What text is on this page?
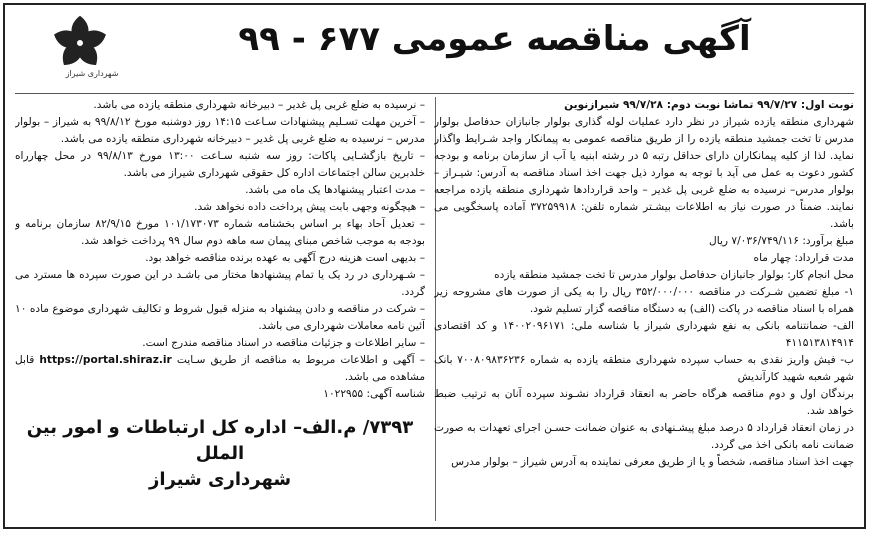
شهرداری شیراز
آگهی مناقصه عمومی ۶۷۷ - ۹۹

نوبت اول: ۹۹/۷/۲۷ تماشا نوبت دوم: ۹۹/۷/۲۸ شیرازنوین

شهرداری منطقه یازده شیراز در نظر دارد عملیات لوله گذاری بولوار جانبازان حدفاصل بولوار مدرس تا تخت جمشید منطقه یازده را از طریق مناقصه عمومی به پیمانکار واجد شـرایط واگذار نماید. لذا از کلیه پیمانکاران دارای حداقل رتبه ۵ در رشته ابنیه یا آب از سازمان برنامه و بودجه کشور دعوت به عمل می آید با توجه به موارد ذیل جهت اخذ اسناد مناقصه به آدرس: شیـراز – بولوار مدرس– نرسیده به ضلع غربی پل غدیر – واحد قراردادها شهرداری منطقه یازده مراجعه نمایند. ضمناً در صورت نیاز به اطلاعات بیشـتر شماره تلفن: ۳۷۲۵۹۹۱۸ آماده پاسخگویی می باشد.

مبلغ برآورد: ۷/۰۳۶/۷۴۹/۱۱۶ ریال

مدت قرارداد: چهار ماه

محل انجام کار: بولوار جانبازان حدفاصل بولوار مدرس تا تخت جمشید منطقه یازده

۱- مبلغ تضمین شـرکت در مناقصه ۳۵۲/۰۰۰/۰۰۰ ریال را به یکی از صورت های مشروحه زیر همراه با اسناد مناقصه در پاکت (الف) به دستگاه مناقصه گزار تسلیم شود.

الف- ضمانتنامه بانکی به نفع شهرداری شیراز با شناسه ملی: ۱۴۰۰۲۰۹۶۱۷۱ و کد اقتصادی ۴۱۱۵۱۳۸۱۴۹۱۴

ب- فیش واریز نقدی به حساب سپرده شهرداری منطقه یازده به شماره ۷۰۰۸۰۹۸۳۶۲۳۶ بانک شهر شعبه شهید کارآندیش

برندگان اول و دوم مناقصه هرگاه حاضر به انعقاد قرارداد نشـوند سپرده آنان به ترتیب ضبط خواهد شد.

در زمان انعقاد قرارداد ۵ درصد مبلغ پیشـنهادی به عنوان ضمانت حسـن اجرای تعهدات به صورت ضمانت نامه بانکی اخذ می گردد.

جهت اخذ اسناد مناقصه، شخصاً و یا از طریق معرفی نماینده به آدرس شیراز – بولوار مدرس

– نرسیده به ضلع غربی پل غدیر – دبیرخانه شهرداری منطقه یازده می باشد.

– آخرین مهلت تسـلیم پیشنهادات سـاعت ۱۴:۱۵ روز دوشنبه مورخ ۹۹/۸/۱۲ به شیراز – بولوار مدرس – نرسیده به ضلع غربی پل غدیر – دبیرخانه شهرداری منطقه یازده می باشد.

– تاریخ بازگشـایی پاکات: روز سه شنبه سـاعت ۱۳:۰۰ مورخ ۹۹/۸/۱۳ در محل چهارراه خلدبرین سالن اجتماعات اداره کل حقوقی شهرداری شیراز می باشد.

– مدت اعتبار پیشنهادها یک ماه می باشد.

– هیچگونه وجهی بابت پیش پرداخت داده نخواهد شد.

– تعدیل آحاد بهاء بر اساس بخشنامه شماره ۱۰۱/۱۷۳۰۷۳ مورخ ۸۲/۹/۱۵ سازمان برنامه و بودجه به موجب شاخص مبنای پیمان سه ماهه دوم سال ۹۹ پرداخت خواهد شد.

– بدیهی است هزینه درج آگهی به عهده برنده مناقصه خواهد بود.

– شـهرداری در رد یک یا تمام پیشنهادها مختار می باشـد در این صورت سپرده ها مسترد می گردد.

– شرکت در مناقصه و دادن پیشنهاد به منزله قبول شروط و تکالیف شهرداری موضوع ماده ۱۰ آئین نامه معاملات شهرداری می باشد.

– سایر اطلاعات و جزئیات مناقصه در اسناد مناقصه مندرج است.

– آگهی و اطلاعات مربوط به مناقصه از طریق سـایت https://portal.shiraz.ir قابل مشاهده می باشد.

شناسه آگهی: ۱۰۲۲۹۵۵

۷۳۹۳/ م.الف– اداره کل ارتباطات و امور بین الملل
شهرداری شیراز
